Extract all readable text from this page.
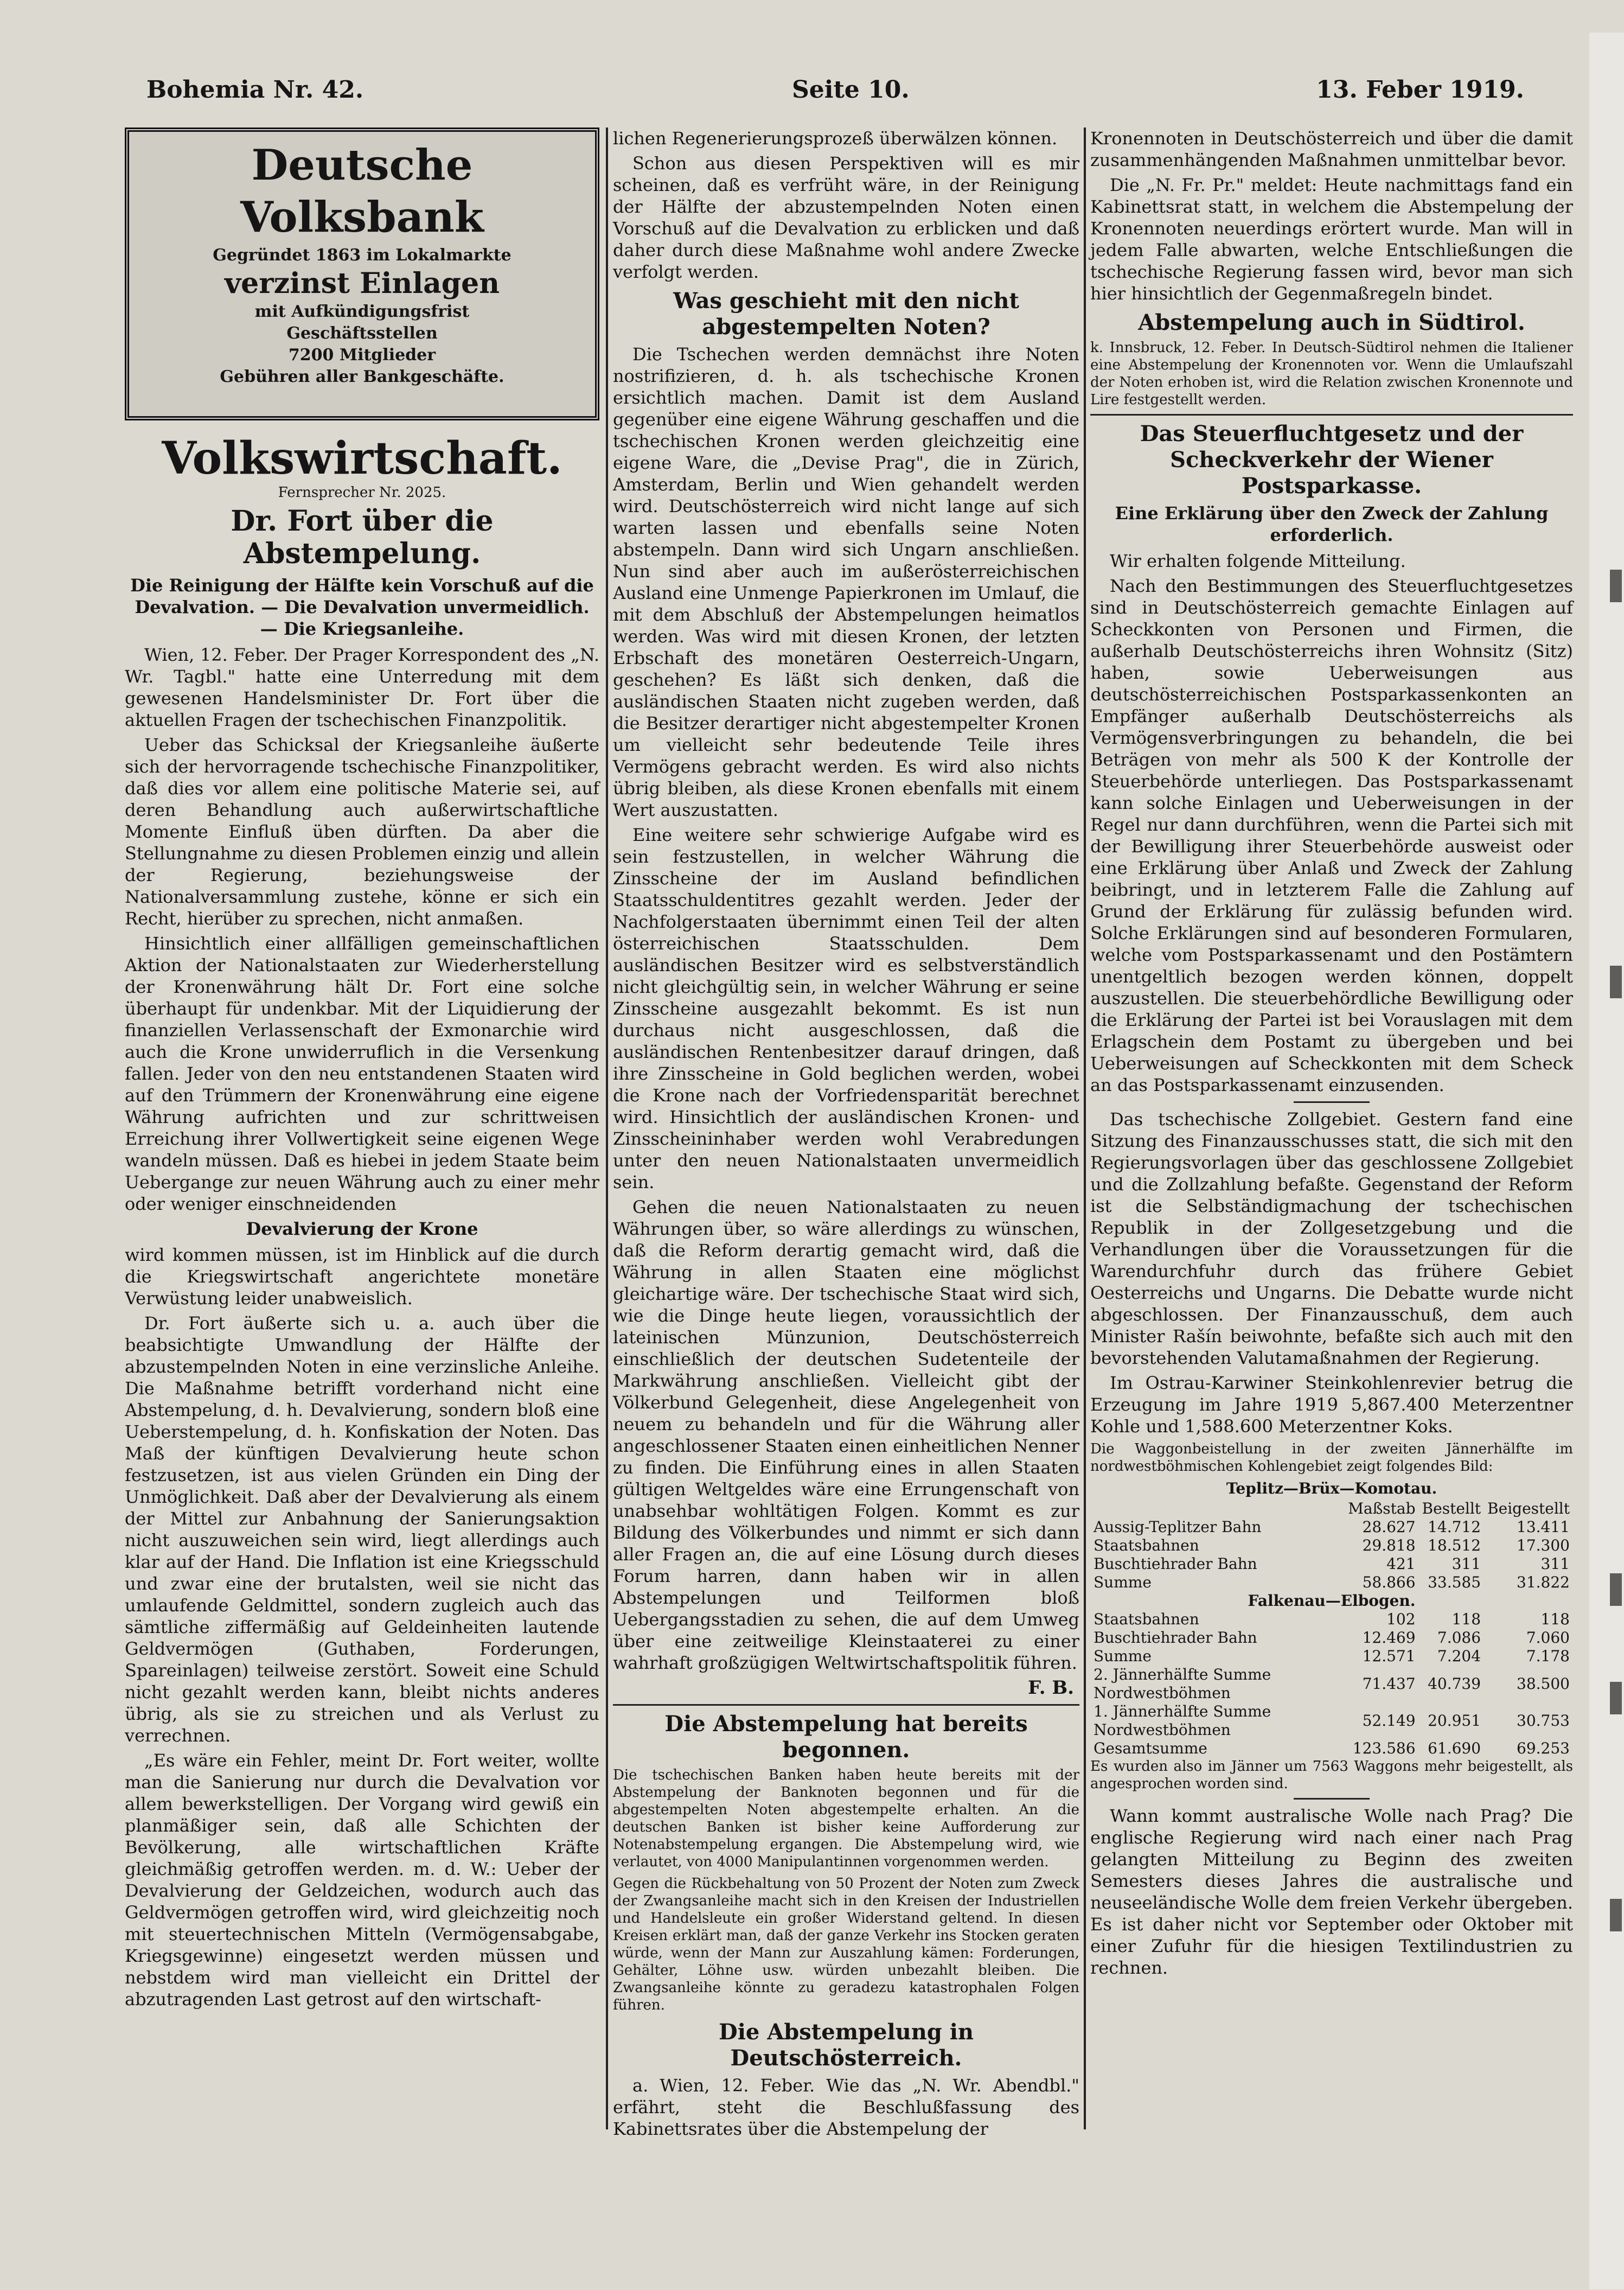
Bohemia Nr. 42.	Seite 10.	13. Feber 1919.
Deutsche Volksbank
Gegründet 1863 im Lokalmarkte
verzinst Einlagen
mit Aufkündigungsfrist
Geschäftsstellen
7200 Mitglieder
Gebühren aller Bankgeschäfte.
Volkswirtschaft.
Fernsprecher Nr. 2025.
Dr. Fort über die Abstempelung.
Die Reinigung der Hälfte kein Vorschuß auf die Devalvation. — Die Devalvation unvermeidlich. — Die Kriegsanleihe.

Wien, 12. Feber. Der Prager Korrespondent des „N. Wr. Tagbl." hatte eine Unterredung mit dem gewesenen Handelsminister Dr. Fort über die aktuellen Fragen der tschechischen Finanzpolitik.

Ueber das Schicksal der Kriegsanleihe äußerte sich der hervorragende tschechische Finanzpolitiker, daß dies vor allem eine politische Materie sei, auf deren Behandlung auch außerwirtschaftliche Momente Einfluß üben dürften. Da aber die Stellungnahme zu diesen Problemen einzig und allein der Regierung, beziehungsweise der Nationalversammlung zustehe, könne er sich ein Recht, hierüber zu sprechen, nicht anmaßen.

Hinsichtlich einer allfälligen gemeinschaftlichen Aktion der Nationalstaaten zur Wiederherstellung der Kronenwährung hält Dr. Fort eine solche überhaupt für undenkbar. Mit der Liquidierung der finanziellen Verlassenschaft der Exmonarchie wird auch die Krone unwiderruflich in die Versenkung fallen. Jeder von den neu entstandenen Staaten wird auf den Trümmern der Kronenwährung eine eigene Währung aufrichten und zur schrittweisen Erreichung ihrer Vollwertigkeit seine eigenen Wege wandeln müssen. Daß es hiebei in jedem Staate beim Uebergange zur neuen Währung auch zu einer mehr oder weniger einschneidenden

Devalvierung der Krone

wird kommen müssen, ist im Hinblick auf die durch die Kriegswirtschaft angerichtete monetäre Verwüstung leider unabweislich.

Dr. Fort äußerte sich u. a. auch über die beabsichtigte Umwandlung der Hälfte der abzustempelnden Noten in eine verzinsliche Anleihe. Die Maßnahme betrifft vorderhand nicht eine Abstempelung, d. h. Devalvierung, sondern bloß eine Ueberstempelung, d. h. Konfiskation der Noten. Das Maß der künftigen Devalvierung heute schon festzusetzen, ist aus vielen Gründen ein Ding der Unmöglichkeit. Daß aber der Devalvierung als einem der Mittel zur Anbahnung der Sanierungsaktion nicht auszuweichen sein wird, liegt allerdings auch klar auf der Hand. Die Inflation ist eine Kriegsschuld und zwar eine der brutalsten, weil sie nicht das umlaufende Geldmittel, sondern zugleich auch das sämtliche ziffermäßig auf Geldeinheiten lautende Geldvermögen (Guthaben, Forderungen, Spareinlagen) teilweise zerstört. Soweit eine Schuld nicht gezahlt werden kann, bleibt nichts anderes übrig, als sie zu streichen und als Verlust zu verrechnen.

„Es wäre ein Fehler, meint Dr. Fort weiter, wollte man die Sanierung nur durch die Devalvation vor allem bewerkstelligen. Der Vorgang wird gewiß ein planmäßiger sein, daß alle Schichten der Bevölkerung, alle wirtschaftlichen Kräfte gleichmäßig getroffen werden. m. d. W.: Ueber der Devalvierung der Geldzeichen, wodurch auch das Geldvermögen getroffen wird, wird gleichzeitig noch mit steuertechnischen Mitteln (Vermögensabgabe, Kriegsgewinne) eingesetzt werden müssen und nebstdem wird man vielleicht ein Drittel der abzutragenden Last getrost auf den wirtschaft-

lichen Regenerierungsprozeß überwälzen können.

Schon aus diesen Perspektiven will es mir scheinen, daß es verfrüht wäre, in der Reinigung der Hälfte der abzustempelnden Noten einen Vorschuß auf die Devalvation zu erblicken und daß daher durch diese Maßnahme wohl andere Zwecke verfolgt werden.

Was geschieht mit den nicht abgestempelten Noten?

Die Tschechen werden demnächst ihre Noten nostrifizieren, d. h. als tschechische Kronen ersichtlich machen. Damit ist dem Ausland gegenüber eine eigene Währung geschaffen und die tschechischen Kronen werden gleichzeitig eine eigene Ware, die „Devise Prag", die in Zürich, Amsterdam, Berlin und Wien gehandelt werden wird. Deutschösterreich wird nicht lange auf sich warten lassen und ebenfalls seine Noten abstempeln. Dann wird sich Ungarn anschließen. Nun sind aber auch im außerösterreichischen Ausland eine Unmenge Papierkronen im Umlauf, die mit dem Abschluß der Abstempelungen heimatlos werden. Was wird mit diesen Kronen, der letzten Erbschaft des monetären Oesterreich-Ungarn, geschehen? Es läßt sich denken, daß die ausländischen Staaten nicht zugeben werden, daß die Besitzer derartiger nicht abgestempelter Kronen um vielleicht sehr bedeutende Teile ihres Vermögens gebracht werden. Es wird also nichts übrig bleiben, als diese Kronen ebenfalls mit einem Wert auszustatten.

Eine weitere sehr schwierige Aufgabe wird es sein festzustellen, in welcher Währung die Zinsscheine der im Ausland befindlichen Staatsschuldentitres gezahlt werden. Jeder der Nachfolgerstaaten übernimmt einen Teil der alten österreichischen Staatsschulden. Dem ausländischen Besitzer wird es selbstverständlich nicht gleichgültig sein, in welcher Währung er seine Zinsscheine ausgezahlt bekommt. Es ist nun durchaus nicht ausgeschlossen, daß die ausländischen Rentenbesitzer darauf dringen, daß ihre Zinsscheine in Gold beglichen werden, wobei die Krone nach der Vorfriedensparität berechnet wird. Hinsichtlich der ausländischen Kronen- und Zinsscheininhaber werden wohl Verabredungen unter den neuen Nationalstaaten unvermeidlich sein.

Gehen die neuen Nationalstaaten zu neuen Währungen über, so wäre allerdings zu wünschen, daß die Reform derartig gemacht wird, daß die Währung in allen Staaten eine möglichst gleichartige wäre. Der tschechische Staat wird sich, wie die Dinge heute liegen, voraussichtlich der lateinischen Münzunion, Deutschösterreich einschließlich der deutschen Sudetenteile der Markwährung anschließen. Vielleicht gibt der Völkerbund Gelegenheit, diese Angelegenheit von neuem zu behandeln und für die Währung aller angeschlossener Staaten einen einheitlichen Nenner zu finden. Die Einführung eines in allen Staaten gültigen Weltgeldes wäre eine Errungenschaft von unabsehbar wohltätigen Folgen. Kommt es zur Bildung des Völkerbundes und nimmt er sich dann aller Fragen an, die auf eine Lösung durch dieses Forum harren, dann haben wir in allen Abstempelungen und Teilformen bloß Uebergangsstadien zu sehen, die auf dem Umweg über eine zeitweilige Kleinstaaterei zu einer wahrhaft großzügigen Weltwirtschaftspolitik führen.

F. B.
Die Abstempelung hat bereits begonnen.
Die tschechischen Banken haben heute bereits mit der Abstempelung der Banknoten begonnen und für die abgestempelten Noten abgestempelte erhalten. An die deutschen Banken ist bisher keine Aufforderung zur Notenabstempelung ergangen. Die Abstempelung wird, wie verlautet, von 4000 Manipulantinnen vorgenommen werden.
Gegen die Rückbehaltung von 50 Prozent der Noten zum Zweck der Zwangsanleihe macht sich in den Kreisen der Industriellen und Handelsleute ein großer Widerstand geltend. In diesen Kreisen erklärt man, daß der ganze Verkehr ins Stocken geraten würde, wenn der Mann zur Auszahlung kämen: Forderungen, Gehälter, Löhne usw. würden unbezahlt bleiben. Die Zwangsanleihe könnte zu geradezu katastrophalen Folgen führen.
Die Abstempelung in Deutschösterreich.

a. Wien, 12. Feber. Wie das „N. Wr. Abendbl." erfährt, steht die Beschlußfassung des Kabinettsrates über die Abstempelung der

Kronennoten in Deutschösterreich und über die damit zusammenhängenden Maßnahmen unmittelbar bevor.

Die „N. Fr. Pr." meldet: Heute nachmittags fand ein Kabinettsrat statt, in welchem die Abstempelung der Kronennoten neuerdings erörtert wurde. Man will in jedem Falle abwarten, welche Entschließungen die tschechische Regierung fassen wird, bevor man sich hier hinsichtlich der Gegenmaßregeln bindet.

Abstempelung auch in Südtirol.
k. Innsbruck, 12. Feber. In Deutsch-Südtirol nehmen die Italiener eine Abstempelung der Kronennoten vor. Wenn die Umlaufszahl der Noten erhoben ist, wird die Relation zwischen Kronennote und Lire festgestellt werden.
Das Steuerfluchtgesetz und der Scheckverkehr der Wiener Postsparkasse.
Eine Erklärung über den Zweck der Zahlung erforderlich.

Wir erhalten folgende Mitteilung.

Nach den Bestimmungen des Steuerfluchtgesetzes sind in Deutschösterreich gemachte Einlagen auf Scheckkonten von Personen und Firmen, die außerhalb Deutschösterreichs ihren Wohnsitz (Sitz) haben, sowie Ueberweisungen aus deutschösterreichischen Postsparkassenkonten an Empfänger außerhalb Deutschösterreichs als Vermögensverbringungen zu behandeln, die bei Beträgen von mehr als 500 K der Kontrolle der Steuerbehörde unterliegen. Das Postsparkassenamt kann solche Einlagen und Ueberweisungen in der Regel nur dann durchführen, wenn die Partei sich mit der Bewilligung ihrer Steuerbehörde ausweist oder eine Erklärung über Anlaß und Zweck der Zahlung beibringt, und in letzterem Falle die Zahlung auf Grund der Erklärung für zulässig befunden wird. Solche Erklärungen sind auf besonderen Formularen, welche vom Postsparkassenamt und den Postämtern unentgeltlich bezogen werden können, doppelt auszustellen. Die steuerbehördliche Bewilligung oder die Erklärung der Partei ist bei Vorauslagen mit dem Erlagschein dem Postamt zu übergeben und bei Ueberweisungen auf Scheckkonten mit dem Scheck an das Postsparkassenamt einzusenden.

Das tschechische Zollgebiet. Gestern fand eine Sitzung des Finanzausschusses statt, die sich mit den Regierungsvorlagen über das geschlossene Zollgebiet und die Zollzahlung befaßte. Gegenstand der Reform ist die Selbständigmachung der tschechischen Republik in der Zollgesetzgebung und die Verhandlungen über die Voraussetzungen für die Warendurchfuhr durch das frühere Gebiet Oesterreichs und Ungarns. Die Debatte wurde nicht abgeschlossen. Der Finanzausschuß, dem auch Minister Rašín beiwohnte, befaßte sich auch mit den bevorstehenden Valutamaßnahmen der Regierung.

Im Ostrau-Karwiner Steinkohlenrevier betrug die Erzeugung im Jahre 1919 5,867.400 Meterzentner Kohle und 1,588.600 Meterzentner Koks.

Die Waggonbeistellung in der zweiten Jännerhälfte im nordwestböhmischen Kohlengebiet zeigt folgendes Bild:
Teplitz—Brüx—Komotau.
	Maßstab	Bestellt	Beigestellt
Aussig-Teplitzer Bahn	28.627	14.712	13.411
Staatsbahnen	29.818	18.512	17.300
Buschtiehrader Bahn	421	311	311
Summe	58.866	33.585	31.822
Falkenau—Elbogen.			
Staatsbahnen	102	118	118
Buschtiehrader Bahn	12.469	7.086	7.060
Summe	12.571	7.204	7.178
2. Jännerhälfte Summe Nordwestböhmen	71.437	40.739	38.500
1. Jännerhälfte Summe Nordwestböhmen	52.149	20.951	30.753
Gesamtsumme	123.586	61.690	69.253
Es wurden also im Jänner um 7563 Waggons mehr beigestellt, als angesprochen worden sind.

Wann kommt australische Wolle nach Prag? Die englische Regierung wird nach einer nach Prag gelangten Mitteilung zu Beginn des zweiten Semesters dieses Jahres die australische und neuseeländische Wolle dem freien Verkehr übergeben. Es ist daher nicht vor September oder Oktober mit einer Zufuhr für die hiesigen Textilindustrien zu rechnen.
